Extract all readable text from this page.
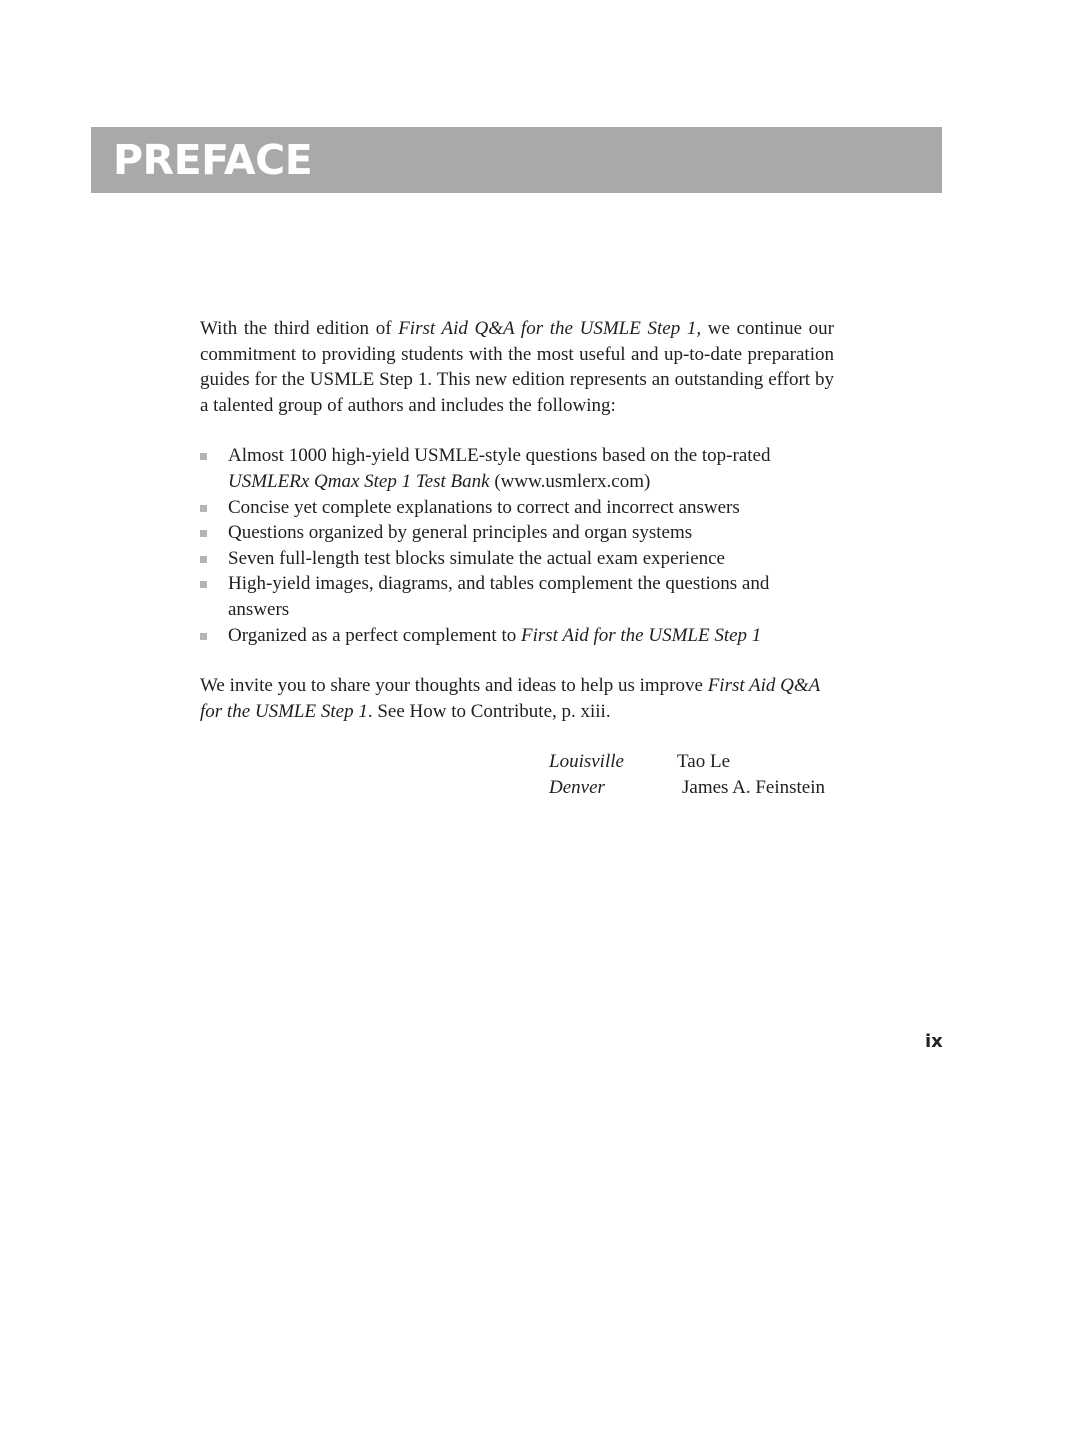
PREFACE

With the third edition of First Aid Q&A for the USMLE Step 1, we continue our commitment to providing students with the most useful and up-to-date preparation guides for the USMLE Step 1. This new edition represents an outstanding effort by a talented group of authors and includes the following:

Almost 1000 high-yield USMLE-style questions based on the top-rated USMLERx Qmax Step 1 Test Bank (www.usmlerx.com)
Concise yet complete explanations to correct and incorrect answers
Questions organized by general principles and organ systems
Seven full-length test blocks simulate the actual exam experience
High-yield images, diagrams, and tables complement the questions and answers
Organized as a perfect complement to First Aid for the USMLE Step 1

We invite you to share your thoughts and ideas to help us improve First Aid Q&A for the USMLE Step 1. See How to Contribute, p. xiii.

Louisville	Tao Le
Denver	James A. Feinstein
ix
